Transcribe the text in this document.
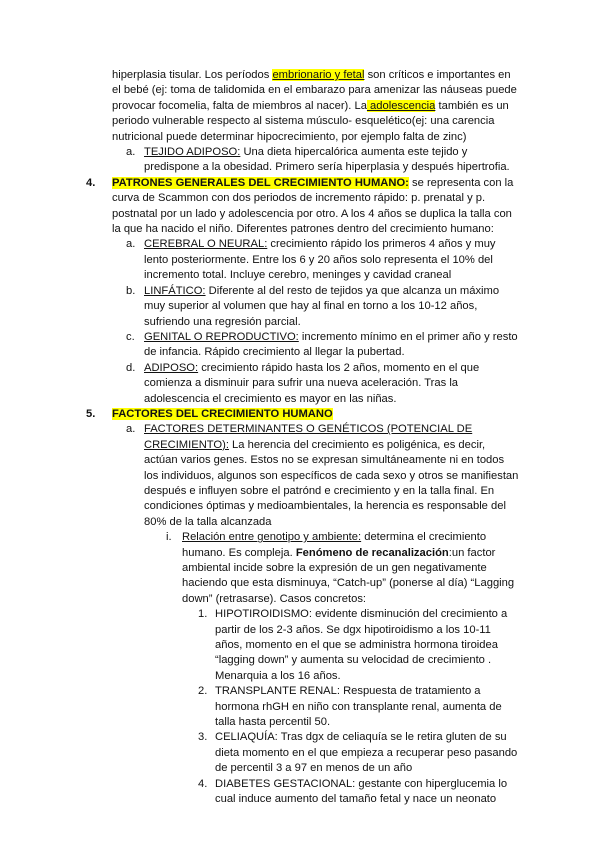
hiperplasia tisular. Los períodos embrionario y fetal son críticos e importantes en el bebé (ej: toma de talidomida en el embarazo para amenizar las náuseas puede provocar focomelia, falta de miembros al nacer). La adolescencia también es un periodo vulnerable respecto al sistema músculo- esquelético(ej: una carencia nutricional puede determinar hipocrecimiento, por ejemplo falta de zinc)

a. TEJIDO ADIPOSO: Una dieta hipercalórica aumenta este tejido y predispone a la obesidad. Primero sería hiperplasia y después hipertrofia.

4. PATRONES GENERALES DEL CRECIMIENTO HUMANO: se representa con la curva de Scammon con dos periodos de incremento rápido: p. prenatal y p. postnatal por un lado y adolescencia por otro. A los 4 años se duplica la talla con la que ha nacido el niño. Diferentes patrones dentro del crecimiento humano:

a. CEREBRAL O NEURAL: crecimiento rápido los primeros 4 años y muy lento posteriormente. Entre los 6 y 20 años solo representa el 10% del incremento total. Incluye cerebro, meninges y cavidad craneal

b. LINFÁTICO: Diferente al del resto de tejidos ya que alcanza un máximo muy superior al volumen que hay al final en torno a los 10-12 años, sufriendo una regresión parcial.

c. GENITAL O REPRODUCTIVO: incremento mínimo en el primer año y resto de infancia. Rápido crecimiento al llegar la pubertad.

d. ADIPOSO: crecimiento rápido hasta los 2 años, momento en el que comienza a disminuir para sufrir una nueva aceleración. Tras la adolescencia el crecimiento es mayor en las niñas.

5. FACTORES DEL CRECIMIENTO HUMANO

a. FACTORES DETERMINANTES O GENÉTICOS (POTENCIAL DE CRECIMIENTO): La herencia del crecimiento es poligénica, es decir, actúan varios genes. Estos no se expresan simultáneamente ni en todos los individuos, algunos son específicos de cada sexo y otros se manifiestan después e influyen sobre el patrónd e crecimiento y en la talla final. En condiciones óptimas y medioambientales, la herencia es responsable del 80% de la talla alcanzada

i. Relación entre genotipo y ambiente: determina el crecimiento humano. Es compleja. Fenómeno de recanalización:un factor ambiental incide sobre la expresión de un gen negativamente haciendo que esta disminuya, “Catch-up” (ponerse al día) “Lagging down” (retrasarse). Casos concretos:

1. HIPOTIROIDISMO: evidente disminución del crecimiento a partir de los 2-3 años. Se dgx hipotiroidismo a los 10-11 años, momento en el que se administra hormona tiroidea “lagging down” y aumenta su velocidad de crecimiento . Menarquia a los 16 años.

2. TRANSPLANTE RENAL: Respuesta de tratamiento a hormona rhGH en niño con transplante renal, aumenta de talla hasta percentil 50.

3. CELIAQUÍA: Tras dgx de celiaquía se le retira gluten de su dieta momento en el que empieza a recuperar peso pasando de percentil 3 a 97 en menos de un año

4. DIABETES GESTACIONAL: gestante con hiperglucemia lo cual induce aumento del tamaño fetal y nace un neonato
